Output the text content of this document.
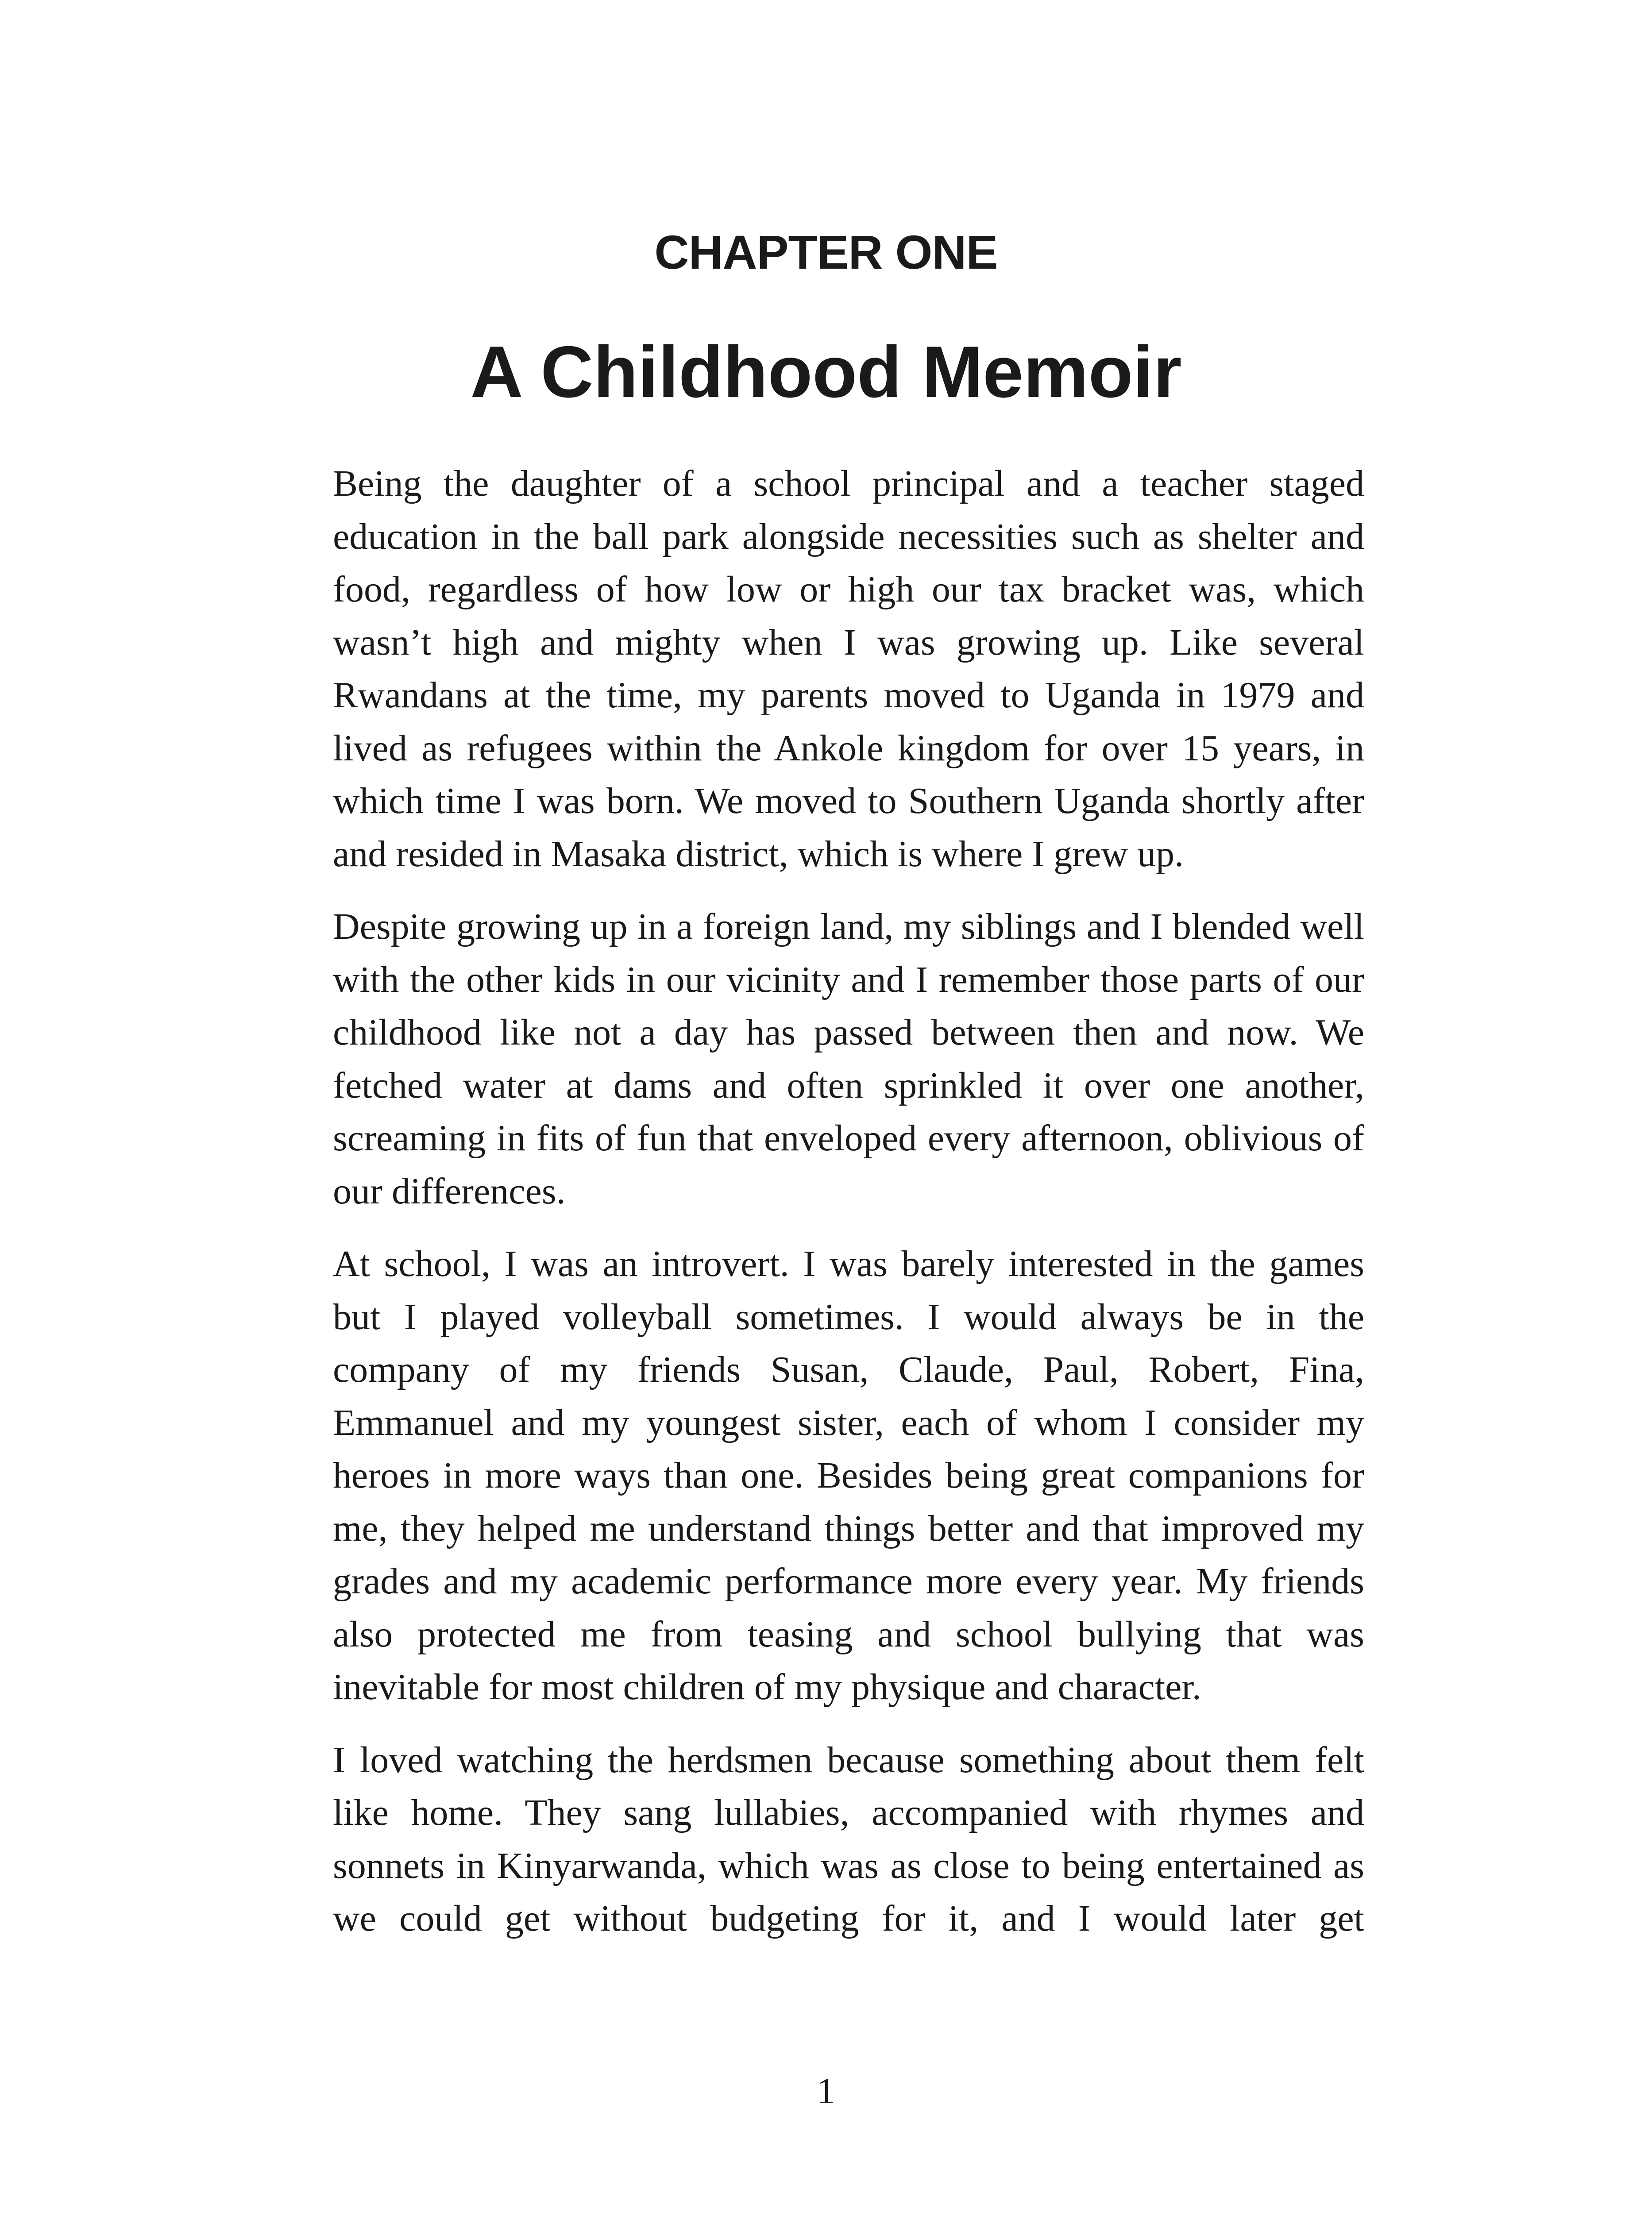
CHAPTER ONE
A Childhood Memoir

Being the daughter of a school principal and a teacher staged education in the ball park alongside necessities such as shelter and food, regardless of how low or high our tax bracket was, which wasn’t high and mighty when I was growing up. Like several Rwandans at the time, my parents moved to Uganda in 1979 and lived as refugees within the Ankole kingdom for over 15 years, in which time I was born. We moved to Southern Uganda shortly after and resided in Masaka district, which is where I grew up.

Despite growing up in a foreign land, my siblings and I blended well with the other kids in our vicinity and I remember those parts of our childhood like not a day has passed between then and now. We fetched water at dams and often sprinkled it over one another, screaming in fits of fun that enveloped every afternoon, oblivious of our differences.

At school, I was an introvert. I was barely interested in the games but I played volleyball sometimes. I would always be in the company of my friends Susan, Claude, Paul, Robert, Fina, Emmanuel and my youngest sister, each of whom I consider my heroes in more ways than one. Besides being great companions for me, they helped me understand things better and that improved my grades and my academic performance more every year. My friends also protected me from teasing and school bullying that was inevitable for most children of my physique and character.

I loved watching the herdsmen because something about them felt like home. They sang lullabies, accompanied with rhymes and sonnets in Kinyarwanda, which was as close to being entertained as we could get without budgeting for it, and I would later get

1
